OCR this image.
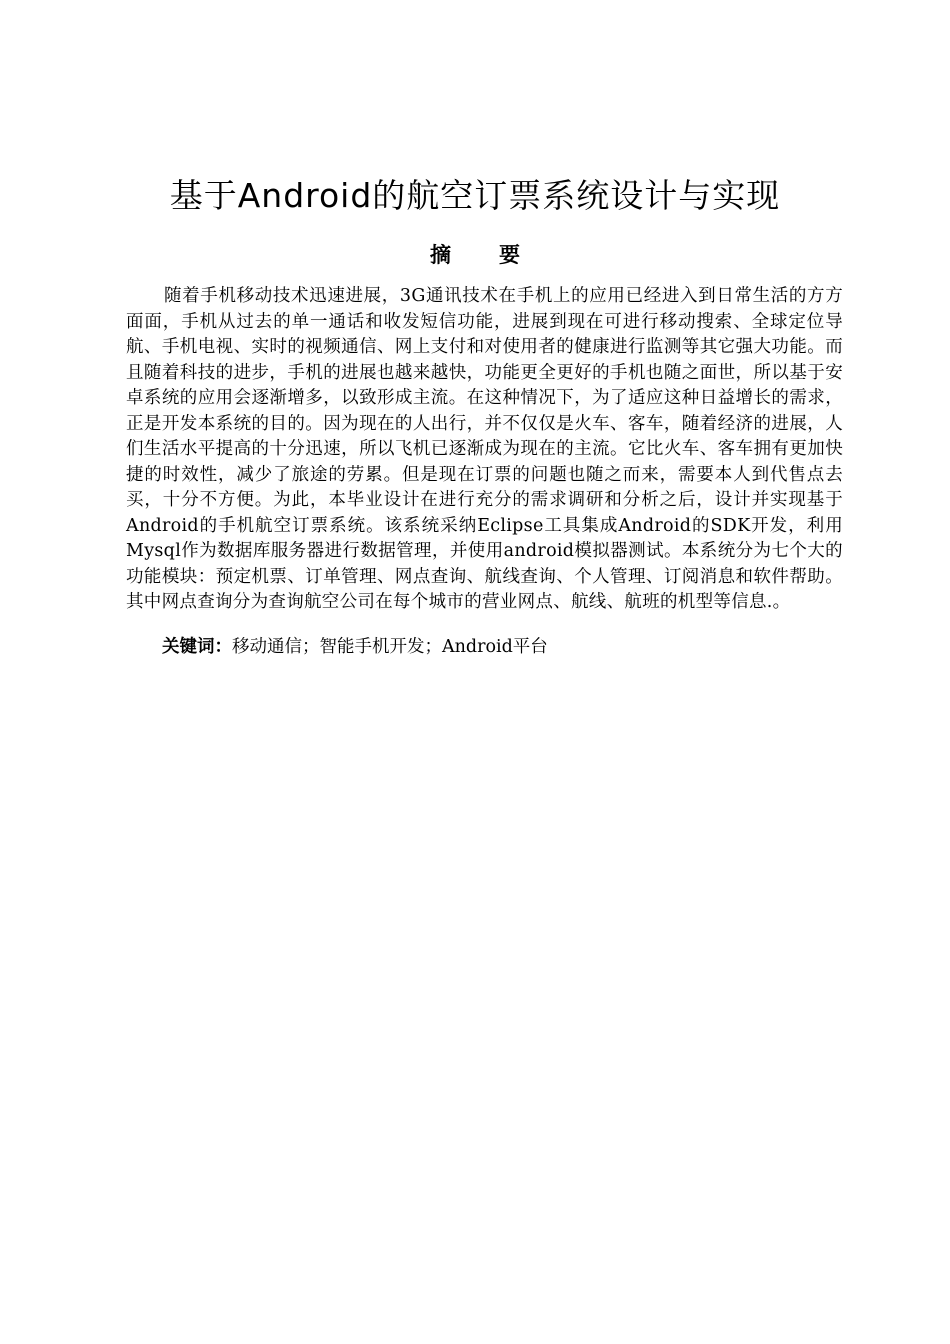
基于Android的航空订票系统设计与实现
摘要

随着手机移动技术迅速进展，3G通讯技术在手机上的应用已经进入到日常生活的方方面面，手机从过去的单一通话和收发短信功能，进展到现在可进行移动搜索、全球定位导航、手机电视、实时的视频通信、网上支付和对使用者的健康进行监测等其它强大功能。而且随着科技的进步，手机的进展也越来越快，功能更全更好的手机也随之面世，所以基于安卓系统的应用会逐渐增多，以致形成主流。在这种情况下，为了适应这种日益增长的需求，正是开发本系统的目的。因为现在的人出行，并不仅仅是火车、客车，随着经济的进展，人们生活水平提高的十分迅速，所以飞机已逐渐成为现在的主流。它比火车、客车拥有更加快捷的时效性，减少了旅途的劳累。但是现在订票的问题也随之而来，需要本人到代售点去买，十分不方便。为此，本毕业设计在进行充分的需求调研和分析之后，设计并实现基于Android的手机航空订票系统。该系统采纳Eclipse工具集成Android的SDK开发，利用Mysql作为数据库服务器进行数据管理，并使用android模拟器测试。本系统分为七个大的功能模块：预定机票、订单管理、网点查询、航线查询、个人管理、订阅消息和软件帮助。其中网点查询分为查询航空公司在每个城市的营业网点、航线、航班的机型等信息.。

关键词：移动通信；智能手机开发；Android平台
